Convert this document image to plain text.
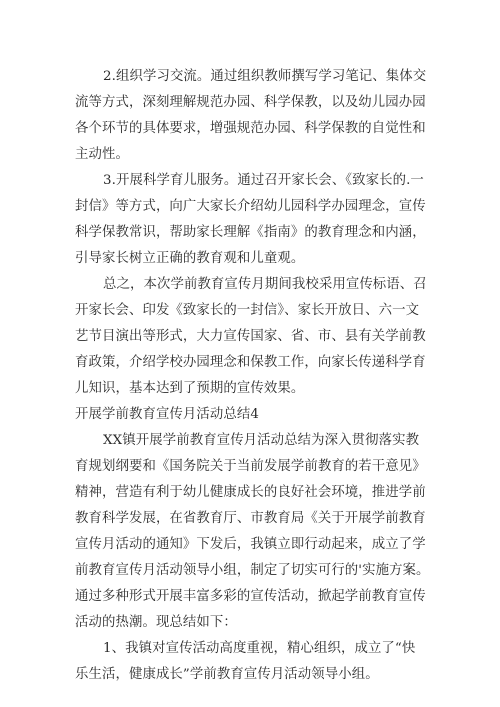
2.组织学习交流。通过组织教师撰写学习笔记、集体交
流等方式，深刻理解规范办园、科学保教，以及幼儿园办园
各个环节的具体要求，增强规范办园、科学保教的自觉性和
主动性。
3.开展科学育儿服务。通过召开家长会、《致家长的.一
封信》等方式，向广大家长介绍幼儿园科学办园理念，宣传
科学保教常识，帮助家长理解《指南》的教育理念和内涵，
引导家长树立正确的教育观和儿童观。
总之，本次学前教育宣传月期间我校采用宣传标语、召
开家长会、印发《致家长的一封信》、家长开放日、六一文
艺节目演出等形式，大力宣传国家、省、市、县有关学前教
育政策，介绍学校办园理念和保教工作，向家长传递科学育
儿知识，基本达到了预期的宣传效果。
开展学前教育宣传月活动总结4
XX镇开展学前教育宣传月活动总结为深入贯彻落实教
育规划纲要和《国务院关于当前发展学前教育的若干意见》
精神，营造有利于幼儿健康成长的良好社会环境，推进学前
教育科学发展，在省教育厅、市教育局《关于开展学前教育
宣传月活动的通知》下发后，我镇立即行动起来，成立了学
前教育宣传月活动领导小组，制定了切实可行的'实施方案。
通过多种形式开展丰富多彩的宣传活动，掀起学前教育宣传
活动的热潮。现总结如下：
1、我镇对宣传活动高度重视，精心组织，成立了“快
乐生活，健康成长”学前教育宣传月活动领导小组。
